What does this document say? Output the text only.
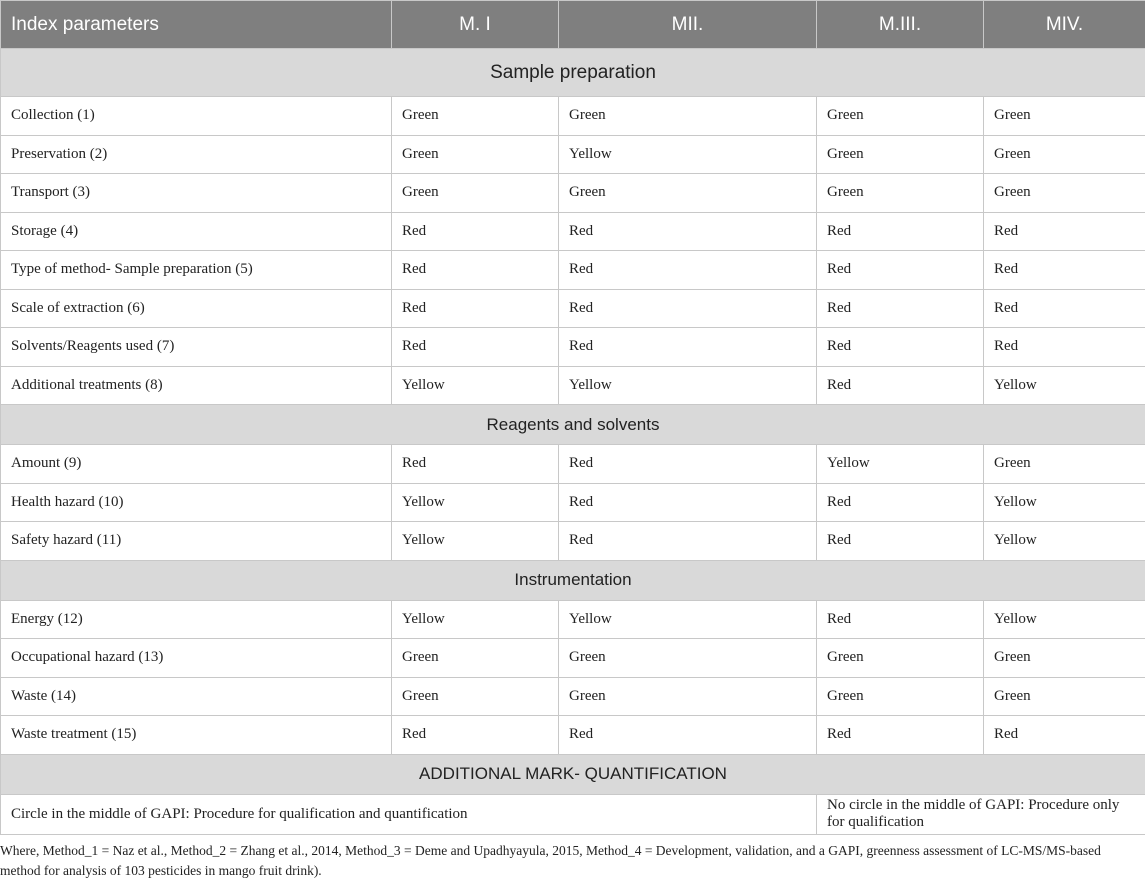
Index parameters	M. I	MII.	M.III.	MIV.
Sample preparation				
Collection (1)	Green	Green	Green	Green
Preservation (2)	Green	Yellow	Green	Green
Transport (3)	Green	Green	Green	Green
Storage (4)	Red	Red	Red	Red
Type of method- Sample preparation (5)	Red	Red	Red	Red
Scale of extraction (6)	Red	Red	Red	Red
Solvents/Reagents used (7)	Red	Red	Red	Red
Additional treatments (8)	Yellow	Yellow	Red	Yellow
Reagents and solvents				
Amount (9)	Red	Red	Yellow	Green
Health hazard (10)	Yellow	Red	Red	Yellow
Safety hazard (11)	Yellow	Red	Red	Yellow
Instrumentation				
Energy (12)	Yellow	Yellow	Red	Yellow
Occupational hazard (13)	Green	Green	Green	Green
Waste (14)	Green	Green	Green	Green
Waste treatment (15)	Red	Red	Red	Red
ADDITIONAL MARK- QUANTIFICATION				
Circle in the middle of GAPI: Procedure for qualification and quantification			No circle in the middle of GAPI: Procedure only for qualification	
Where, Method_1 = Naz et al., Method_2 = Zhang et al., 2014, Method_3 = Deme and Upadhyayula, 2015, Method_4 = Development, validation, and a GAPI, greenness assessment of LC-MS/MS-based method for analysis of 103 pesticides in mango fruit drink).
